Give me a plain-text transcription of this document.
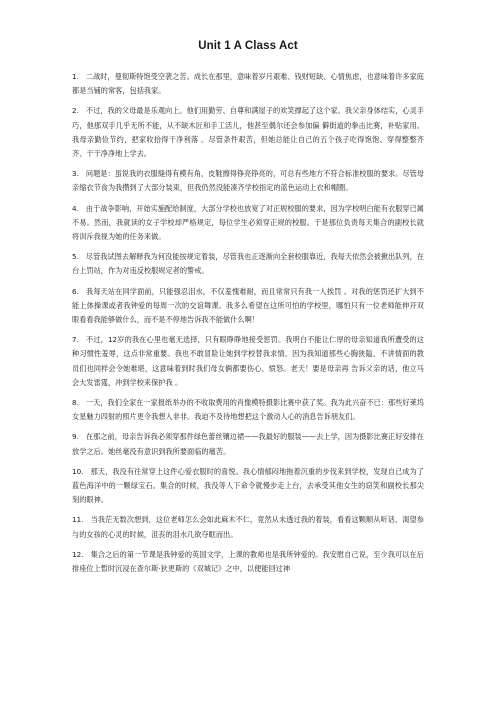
Unit 1 A Class Act

1. 二战时，曼彻斯特饱受空袭之苦。成长在那里，意味着岁月艰难、钱财短缺、心情焦虑，也意味着许多家庭都是当铺的常客，包括我家。

2. 不过，我的父母最是乐观向上。他们用勤劳、自尊和满屋子的欢笑撑起了这个家。我父亲身体结实，心灵手巧，他那双手几乎无所不能，从不缺木匠和手工活儿，他甚至偶尔还会参加偏 僻街道的拳击比赛，补贴家用。我母亲勤俭节约，把家收拾得干净利落 。尽管条件艰苦，但她总能让自己的五个孩子吃得饱饱、穿得整整齐齐、干干净净地上学去。

3. 问题是：虽说我的衣服缝得有模有角，皮鞋擦得铮亮铮亮的，可总有些地方不符合标准校服的要求。尽管母亲缩衣节食为我攒到了大部分装束，但我仍然没能凑齐学校指定的蓝色运动上衣和帽圈。

4. 由于战争影响，开始实施配给制度，大部分学校也放宽了对正规校服的要求，因为学校明白能有衣服穿已属不易。然而，我就读的女子学校却严格规定，每位学生必须穿正规的校服。于是那位负责每天集合的副校长就将训斥我视为她的任务来做。

5. 尽管我试图去解释我为何没能按规定着装，尽管我也正逐渐向全套校服靠近，我每天依然会被揪出队列，在台上罚站，作为对违反校服规定者的警戒。

6. 我每天站在同学面前，只能强忍泪水，不仅羞愧难耐，而且常常只有我一人挨罚 。对我的惩罚还扩大到不能上体操课或者我钟爱的每周一次的交谊舞课。我多么希望在这所可怕的学校里，哪怕只有一位老师能伸开双眼看看我能够做什么，而不是不停地告诉我不能做什么啊！

7. 不过，12岁的我在心里也毫无选择，只有眼睁睁地接受惩罚。我明白不能让仁厚的母亲知道我所遭受的这种习惯性羞辱，这点非常重要。我也不敢冒险让她到学校替我求情，因为我知道那些心胸狭隘、不讲情面的教员们也同样会令她难堪，这意味着到时我们母女俩都要伤心、愤怒。老天！要是母亲再 告诉父亲的话，他立马会大发雷霆，冲到学校来保护我 。

8. 一天，我们全家在一家报纸举办的不收取费用的肖像模特摄影比赛中获了奖。我为此兴奋不已：那些好莱坞女星魅力四射的照片更令我想入非非。我迫不及待地想把这个激动人心的消息告诉朋友们。

9. 在那之前，母亲告诉我必须穿那件绿色蕾丝镶边裙——我最好的服装——去上学，因为摄影比赛正好安排在放学之后。她丝毫没有意识到我所要面临的痛苦。

10. 那天，我没有往常穿上这件心爱衣服时的喜悦。我心情郁闷地拖着沉重的步伐来到学校，发现自己成为了蓝色海洋中的一颗绿宝石。集合的时候，我没等人下命令就慢步走上台，去承受其他女生的窃笑和副校长那尖刻的眼神。

11. 当我茫无数次想到，这位老师怎么会如此麻木不仁，竟然从未透过我的着装，看看这颗顺从听话、渴望参与的女孩的心灵的时候，沮丧的泪水几欲夺眶而出。

12. 集合之后的第一节课是我钟爱的英国文学，上课的教师也是我所钟爱的。我安慰自己说，至少我可以在后排座位上暂时沉浸在查尔斯·狄更斯的《双城记》之中，以便能回过神
